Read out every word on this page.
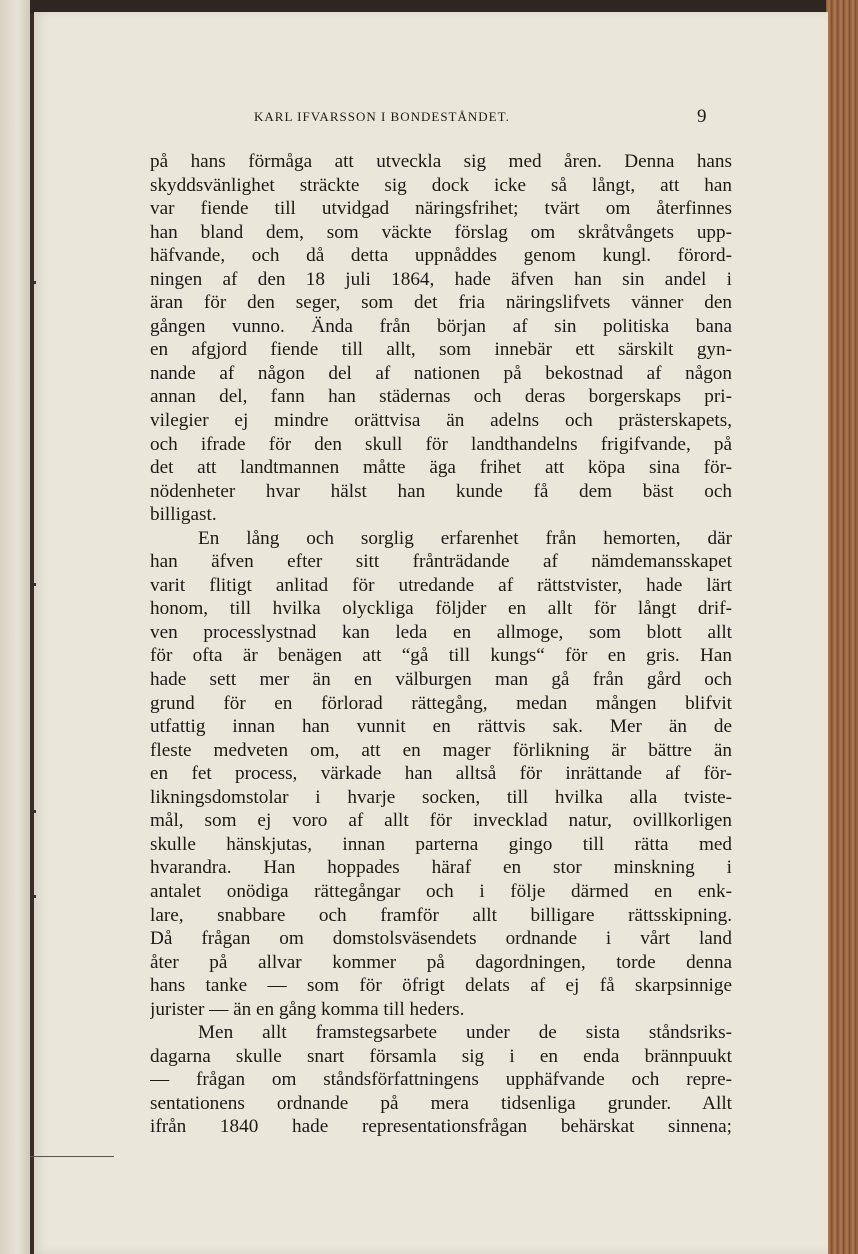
KARL IFVARSSON I BONDESTÅNDET.	9
på hans förmåga att utveckla sig med åren. Denna hans
skyddsvänlighet sträckte sig dock icke så långt, att han
var fiende till utvidgad näringsfrihet; tvärt om återfinnes
han bland dem, som väckte förslag om skråtvångets upp-
häfvande, och då detta uppnåddes genom kungl. förord-
ningen af den 18 juli 1864, hade äfven han sin andel i
äran för den seger, som det fria näringslifvets vänner den
gången vunno. Ända från början af sin politiska bana
en afgjord fiende till allt, som innebär ett särskilt gyn-
nande af någon del af nationen på bekostnad af någon
annan del, fann han städernas och deras borgerskaps pri-
vilegier ej mindre orättvisa än adelns och prästerskapets,
och ifrade för den skull för landthandelns frigifvande, på
det att landtmannen måtte äga frihet att köpa sina för-
nödenheter hvar hälst han kunde få dem bäst och
billigast.
En lång och sorglig erfarenhet från hemorten, där
han äfven efter sitt frånträdande af nämdemansskapet
varit flitigt anlitad för utredande af rättstvister, hade lärt
honom, till hvilka olyckliga följder en allt för långt drif-
ven processlystnad kan leda en allmoge, som blott allt
för ofta är benägen att “gå till kungs“ för en gris. Han
hade sett mer än en välburgen man gå från gård och
grund för en förlorad rättegång, medan mången blifvit
utfattig innan han vunnit en rättvis sak. Mer än de
fleste medveten om, att en mager förlikning är bättre än
en fet process, värkade han alltså för inrättande af för-
likningsdomstolar i hvarje socken, till hvilka alla tviste-
mål, som ej voro af allt för invecklad natur, ovillkorligen
skulle hänskjutas, innan parterna gingo till rätta med
hvarandra. Han hoppades häraf en stor minskning i
antalet onödiga rättegångar och i följe därmed en enk-
lare, snabbare och framför allt billigare rättsskipning.
Då frågan om domstolsväsendets ordnande i vårt land
åter på allvar kommer på dagordningen, torde denna
hans tanke — som för öfrigt delats af ej få skarpsinnige
jurister — än en gång komma till heders.
Men allt framstegsarbete under de sista ståndsriks-
dagarna skulle snart församla sig i en enda brännpuukt
— frågan om ståndsförfattningens upphäfvande och repre-
sentationens ordnande på mera tidsenliga grunder. Allt
ifrån 1840 hade representationsfrågan behärskat sinnena;
